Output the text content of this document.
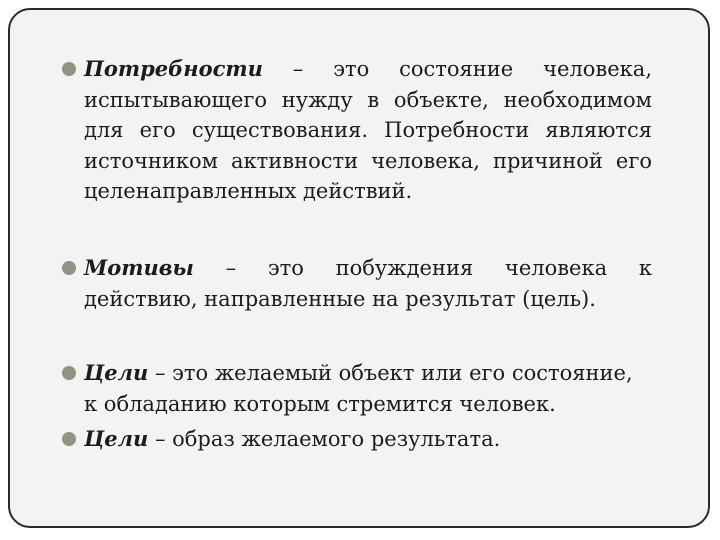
Потребности – это состояние человека,
испытывающего нужду в объекте, необходимом
для его существования. Потребности являются
источником активности человека, причиной его
целенаправленных действий.
Мотивы – это побуждения человека к
действию, направленные на результат (цель).
Цели – это желаемый объект или его состояние,
к обладанию которым стремится человек.
Цели – образ желаемого результата.
